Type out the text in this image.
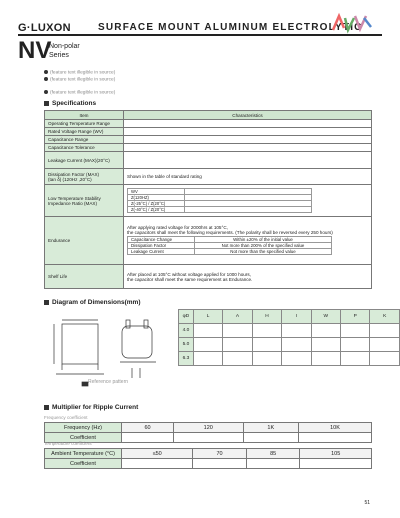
G·LUXON	SURFACE MOUNT ALUMINUM ELECTROLYTIC
NV
Non-polar
Series
(feature text illegible in source)
(feature text illegible in source)
(feature text illegible in source)
Specifications
Item	Characteristics
Operating Temperature Range	
Rated Voltage Range (WV)	
Capacitance Range	
Capacitance Tolerance	
Leakage Current (MAX)(20°C)	

Dissipation Factor (MAX)
(tan δ) (120Hz ,20°C)	Shown in the table of standard rating

Low Temperature Stability
Impedance Ratio (MAX)

WV	
Z(120HZ)	
Z(-25°C) / Z(20°C)	
Z(-40°C) / Z(20°C)	

Endurance	
After applying rated voltage for 2000hrs at 105°C,
the capacitors shall meet the following requirements. (The polarity shall be reversed every 250 hours)
Capacitance Change	Within ±20% of the initial value
Dissipation Factor	Not more than 200% of the specified value
Leakage Current	Not more than the specified value

Shelf Life	After placed at 105°C without voltage applied for 1000 hours,
the capacitor shall meet the same requirement as Endurance.
Diagram of Dimensions(mm)
Reference pattern
φD	L	A	H	I	W	P	K
4.0							
5.0							
6.3							
Multiplier for Ripple Current
Frequency coefficient
Frequency (Hz)	60	120	1K	10K
Coefficient				
Temperature coefficient
Ambient Temperature (°C)	≤50	70	85	105
Coefficient				
51
